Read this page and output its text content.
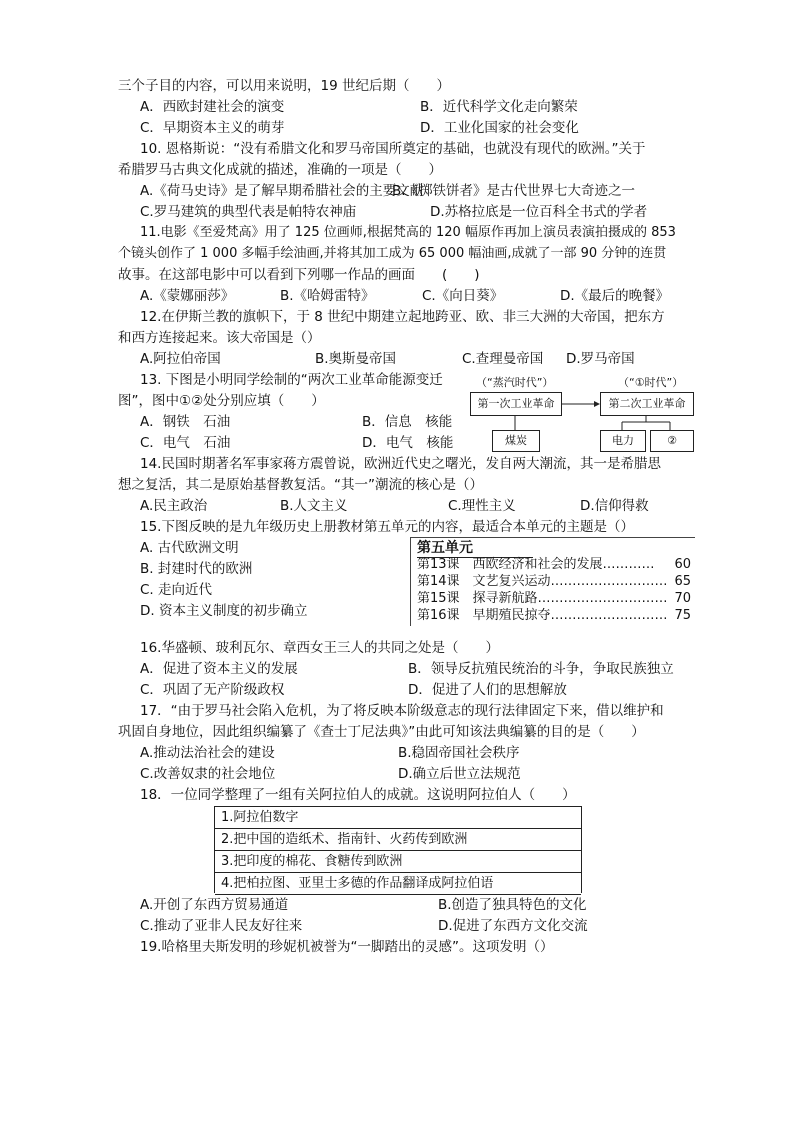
三个子目的内容，可以用来说明，19 世纪后期（　　）
A．西欧封建社会的演变	B．近代科学文化走向繁荣
C．早期资本主义的萌芽	D．工业化国家的社会变化
10. 恩格斯说：“没有希腊文化和罗马帝国所奠定的基础，也就没有现代的欧洲。”关于
希腊罗马古典文化成就的描述，准确的一项是（　　）
A.《荷马史诗》是了解早期希腊社会的主要文献
B.《掷铁饼者》是古代世界七大奇迹之一
C.罗马建筑的典型代表是帕特农神庙	D.苏格拉底是一位百科全书式的学者
11.电影《至爱梵高》用了 125 位画师,根据梵高的 120 幅原作再加上演员表演拍摄成的 853
个镜头创作了 1 000 多幅手绘油画,并将其加工成为 65 000 幅油画,成就了一部 90 分钟的连贯
故事。在这部电影中可以看到下列哪一作品的画面　　(　　)
A.《蒙娜丽莎》	B.《哈姆雷特》	C.《向日葵》	D.《最后的晚餐》
12.在伊斯兰教的旗帜下，于 8 世纪中期建立起地跨亚、欧、非三大洲的大帝国，把东方
和西方连接起来。该大帝国是（）
A.阿拉伯帝国	B.奥斯曼帝国	C.查理曼帝国 D.罗马帝国
13. 下图是小明同学绘制的“两次工业革命能源变迁
图”，图中①②处分别应填（　　）
A．钢铁　石油	B．信息　核能
C．电气　石油	D．电气　核能
（“蒸汽时代”）	（“①时代”）
第一次工业革命	第二次工业革命
煤炭	电力	②
14.民国时期著名军事家蒋方震曾说，欧洲近代史之曙光，发自两大潮流，其一是希腊思
想之复活，其二是原始基督教复活。“其一”潮流的核心是（）
A.民主政治	B.人文主义	C.理性主义	D.信仰得救
15.下图反映的是九年级历史上册教材第五单元的内容，最适合本单元的主题是（）
A. 古代欧洲文明
B. 封建时代的欧洲
C. 走向近代
D. 资本主义制度的初步确立
第五单元
第13课　西欧经济和社会的发展………… 60
第14课　文艺复兴运动……………………… 65
第15课　探寻新航路………………………… 70
第16课　早期殖民掠夺……………………… 75
16.华盛顿、玻利瓦尔、章西女王三人的共同之处是（　　）
A．促进了资本主义的发展	B．领导反抗殖民统治的斗争，争取民族独立
C．巩固了无产阶级政权	D．促进了人们的思想解放
17．“由于罗马社会陷入危机，为了将反映本阶级意志的现行法律固定下来，借以维护和
巩固自身地位，因此组织编纂了《查士丁尼法典》”由此可知该法典编纂的目的是（　　）
A.推动法治社会的建设	B.稳固帝国社会秩序
C.改善奴隶的社会地位	D.确立后世立法规范
18．一位同学整理了一组有关阿拉伯人的成就。这说明阿拉伯人（　　）
1.阿拉伯数字
2.把中国的造纸术、指南针、火药传到欧洲
3.把印度的棉花、食糖传到欧洲
4.把柏拉图、亚里士多德的作品翻译成阿拉伯语
A.开创了东西方贸易通道	B.创造了独具特色的文化
C.推动了亚非人民友好往来	D.促进了东西方文化交流
19.哈格里夫斯发明的珍妮机被誉为“一脚踏出的灵感”。这项发明（）
